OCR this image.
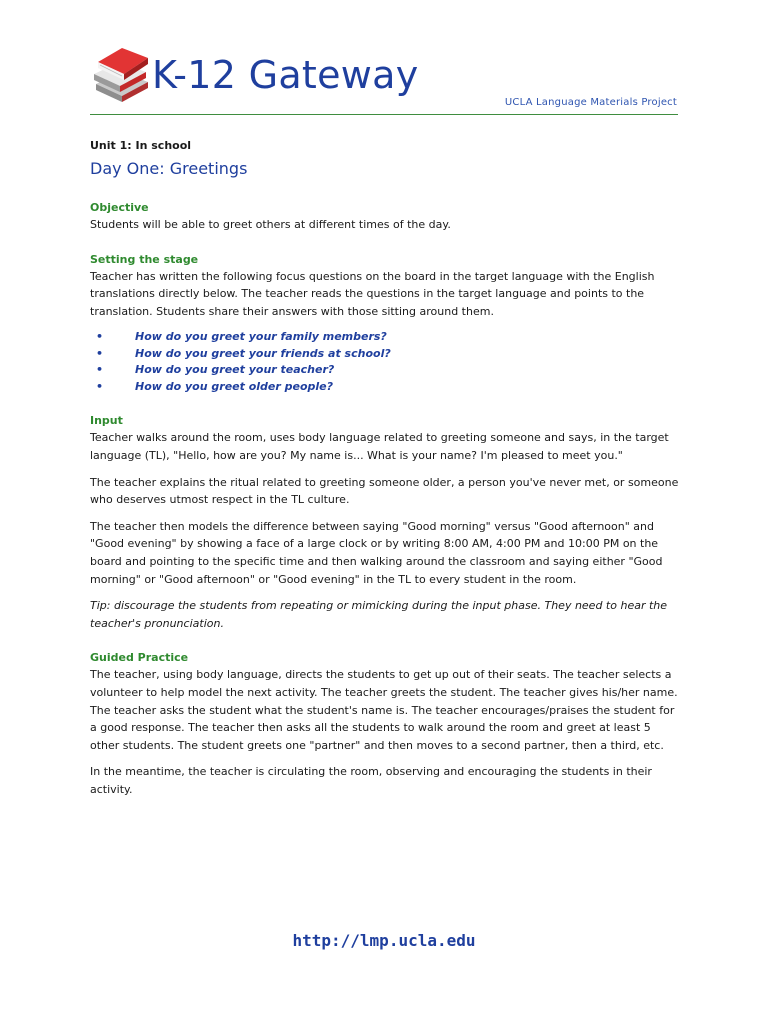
K-12 Gateway
UCLA Language Materials Project
Unit 1: In school
Day One: Greetings
Objective

Students will be able to greet others at different times of the day.

Setting the stage

Teacher has written the following focus questions on the board in the target language with the English translations directly below. The teacher reads the questions in the target language and points to the translation. Students share their answers with those sitting around them.

•	How do you greet your family members?
•	How do you greet your friends at school?
•	How do you greet your teacher?
•	How do you greet older people?
Input

Teacher walks around the room, uses body language related to greeting someone and says, in the target language (TL), "Hello, how are you? My name is... What is your name? I'm pleased to meet you."

The teacher explains the ritual related to greeting someone older, a person you've never met, or someone who deserves utmost respect in the TL culture.

The teacher then models the difference between saying "Good morning" versus "Good afternoon" and "Good evening" by showing a face of a large clock or by writing 8:00 AM, 4:00 PM and 10:00 PM on the board and pointing to the specific time and then walking around the classroom and saying either "Good morning" or "Good afternoon" or "Good evening" in the TL to every student in the room.

Tip: discourage the students from repeating or mimicking during the input phase. They need to hear the teacher's pronunciation.

Guided Practice

The teacher, using body language, directs the students to get up out of their seats. The teacher selects a volunteer to help model the next activity. The teacher greets the student. The teacher gives his/her name. The teacher asks the student what the student's name is. The teacher encourages/praises the student for a good response. The teacher then asks all the students to walk around the room and greet at least 5 other students. The student greets one "partner" and then moves to a second partner, then a third, etc.

In the meantime, the teacher is circulating the room, observing and encouraging the students in their activity.

http://lmp.ucla.edu
